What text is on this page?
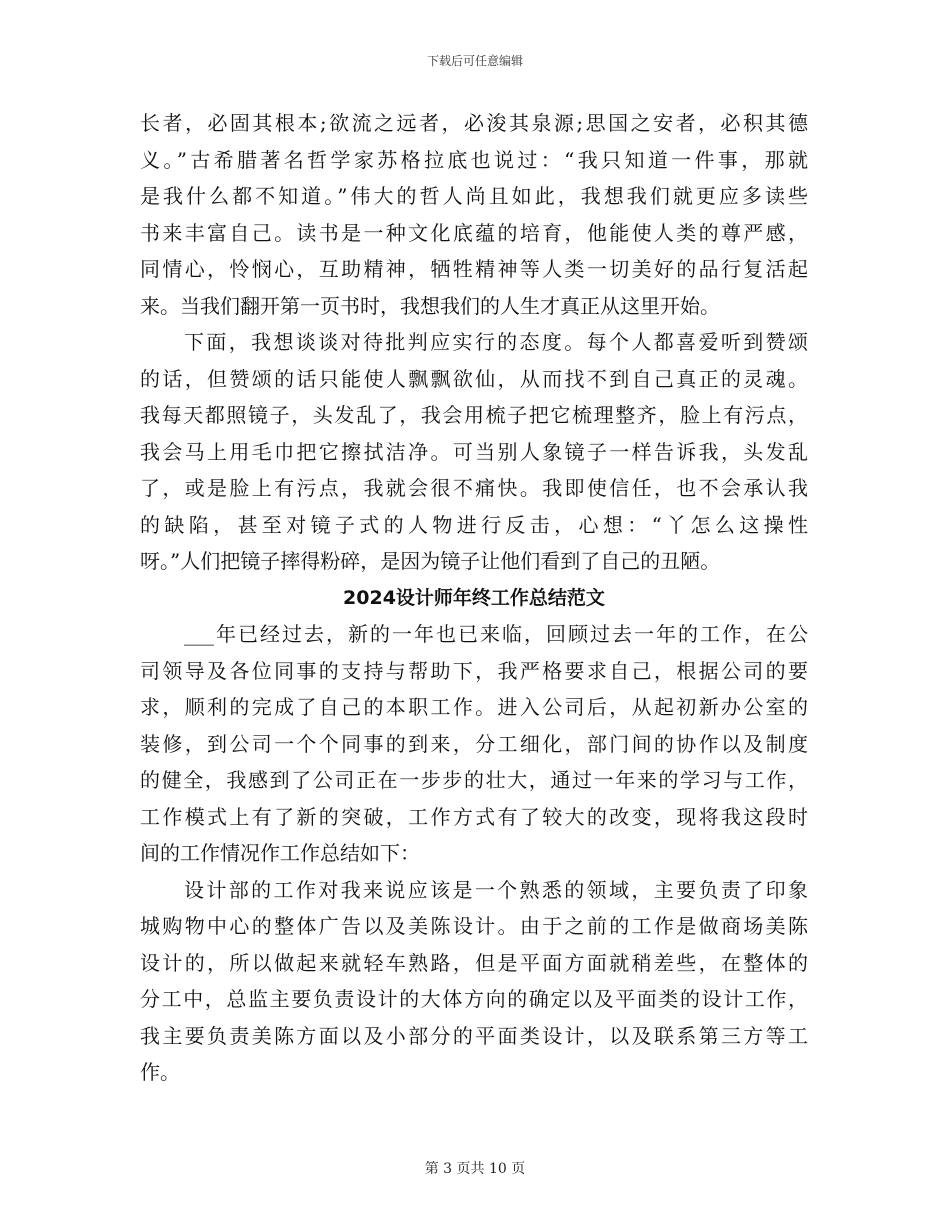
下载后可任意编辑
长者，必固其根本;欲流之远者，必浚其泉源;思国之安者，必积其德
义。”古希腊著名哲学家苏格拉底也说过：“我只知道一件事，那就
是我什么都不知道。”伟大的哲人尚且如此，我想我们就更应多读些
书来丰富自己。读书是一种文化底蕴的培育，他能使人类的尊严感，
同情心，怜悯心，互助精神，牺牲精神等人类一切美好的品行复活起
来。当我们翻开第一页书时，我想我们的人生才真正从这里开始。
下面，我想谈谈对待批判应实行的态度。每个人都喜爱听到赞颂
的话，但赞颂的话只能使人飘飘欲仙，从而找不到自己真正的灵魂。
我每天都照镜子，头发乱了，我会用梳子把它梳理整齐，脸上有污点，
我会马上用毛巾把它擦拭洁净。可当别人象镜子一样告诉我，头发乱
了，或是脸上有污点，我就会很不痛快。我即使信任，也不会承认我
的缺陷，甚至对镜子式的人物进行反击，心想：“丫怎么这操性
呀。”人们把镜子摔得粉碎，是因为镜子让他们看到了自己的丑陋。
2024设计师年终工作总结范文
___年已经过去，新的一年也已来临，回顾过去一年的工作，在公
司领导及各位同事的支持与帮助下，我严格要求自己，根据公司的要
求，顺利的完成了自己的本职工作。进入公司后，从起初新办公室的
装修，到公司一个个同事的到来，分工细化，部门间的协作以及制度
的健全，我感到了公司正在一步步的壮大，通过一年来的学习与工作，
工作模式上有了新的突破，工作方式有了较大的改变，现将我这段时
间的工作情况作工作总结如下：
设计部的工作对我来说应该是一个熟悉的领域，主要负责了印象
城购物中心的整体广告以及美陈设计。由于之前的工作是做商场美陈
设计的，所以做起来就轻车熟路，但是平面方面就稍差些，在整体的
分工中，总监主要负责设计的大体方向的确定以及平面类的设计工作，
我主要负责美陈方面以及小部分的平面类设计，以及联系第三方等工
作。
第 3 页共 10 页
